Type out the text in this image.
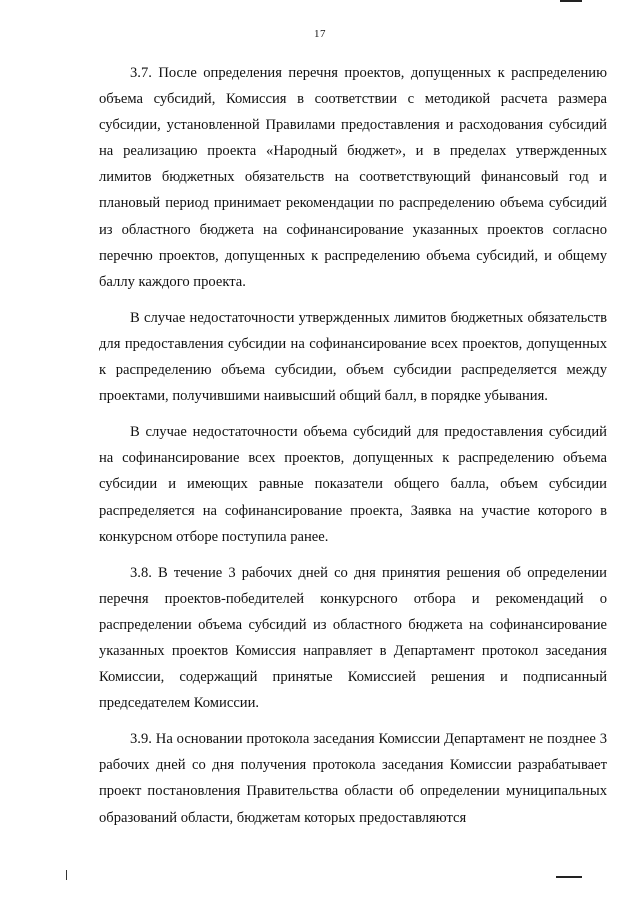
17

3.7. После определения перечня проектов, допущенных к распределению объема субсидий, Комиссия в соответствии с методикой расчета размера субсидии, установленной Правилами предоставления и расходования субсидий на реализацию проекта «Народный бюджет», и в пределах утвержденных лимитов бюджетных обязательств на соответствующий финансовый год и плановый период принимает рекомендации по распределению объема субсидий из областного бюджета на софинансирование указанных проектов согласно перечню проектов, допущенных к распределению объема субсидий, и общему баллу каждого проекта.

В случае недостаточности утвержденных лимитов бюджетных обязательств для предоставления субсидии на софинансирование всех проектов, допущенных к распределению объема субсидии, объем субсидии распределяется между проектами, получившими наивысший общий балл, в порядке убывания.

В случае недостаточности объема субсидий для предоставления субсидий на софинансирование всех проектов, допущенных к распределению объема субсидии и имеющих равные показатели общего балла, объем субсидии распределяется на софинансирование проекта, Заявка на участие которого в конкурсном отборе поступила ранее.

3.8. В течение 3 рабочих дней со дня принятия решения об определении перечня проектов-победителей конкурсного отбора и рекомендаций о распределении объема субсидий из областного бюджета на софинансирование указанных проектов Комиссия направляет в Департамент протокол заседания Комиссии, содержащий принятые Комиссией решения и подписанный председателем Комиссии.

3.9. На основании протокола заседания Комиссии Департамент не позднее 3 рабочих дней со дня получения протокола заседания Комиссии разрабатывает проект постановления Правительства области об определении муниципальных образований области, бюджетам которых предоставляются
